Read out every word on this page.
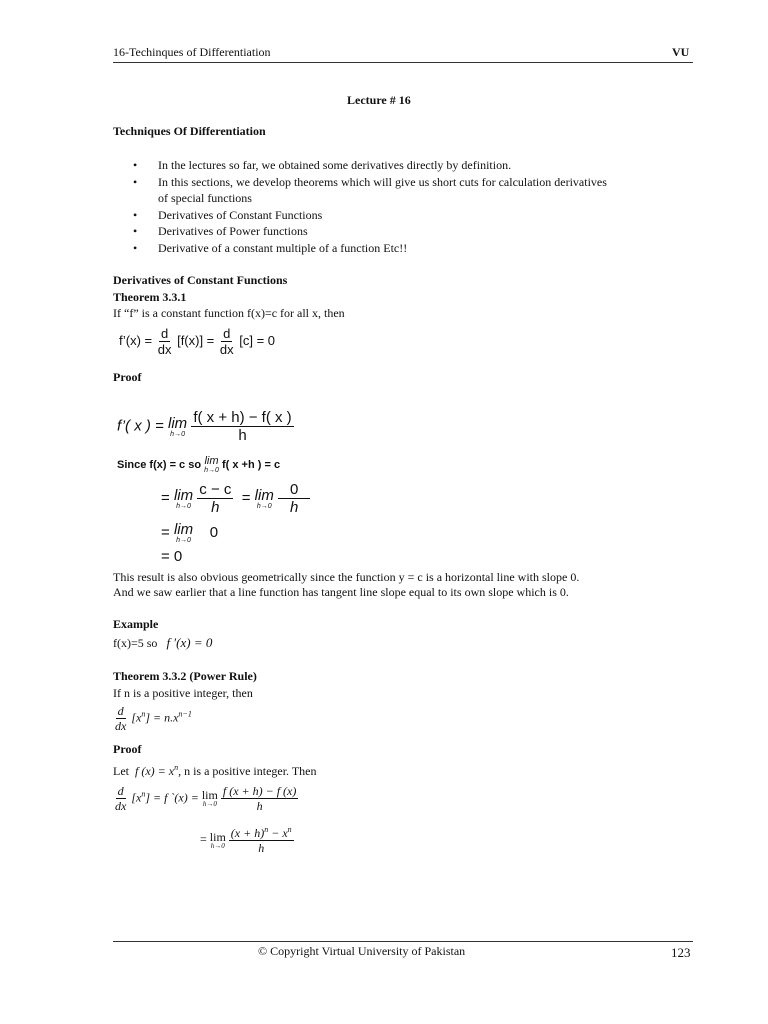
16-Techinques of Differentiation	VU
Lecture # 16
Techniques Of Differentiation
• In the lectures so far, we obtained some derivatives directly by definition.
• In this sections, we develop theorems which will give us short cuts for calculation derivatives
of special functions
• Derivatives of Constant Functions
• Derivatives of Power functions
• Derivative of a constant multiple of a function Etc!!
Derivatives of Constant Functions
Theorem 3.3.1
If “f” is a constant function f(x)=c for all x, then
f’(x) = $\frac{d}{dx} [f(x)] = \frac{d}{dx} [c] = 0$
Proof
f’( x ) = lim
h→0
$\frac{f( x + h) - f( x )}{h}$
Since f(x) = c so lim
h→0 f( x +h ) = c
= lim
h→0
$\frac{c - c}{h} = \lim$
h→0
$\frac{0}{h}$
= lim
h→0 0
= 0
This result is also obvious geometrically since the function y = c is a horizontal line with slope 0.
And we saw earlier that a line function has tangent line slope equal to its own slope which is 0.
Example
f(x)=5 so f ′(x) = 0
Theorem 3.3.2 (Power Rule)
If n is a positive integer, then
$\frac{d}{dx} [x^n] = n.x^{n-1}$
Proof
Let f $(x) = x^n$, n is a positive integer. Then
$\frac{d}{dx} [x^n] = f$ `(x) = lim
h→0
$\frac{f (x + h) - f (x)}{h}$
= lim
h→0
$\frac{(x + h)^n - x^n}{h}$
© Copyright Virtual University of Pakistan	123
